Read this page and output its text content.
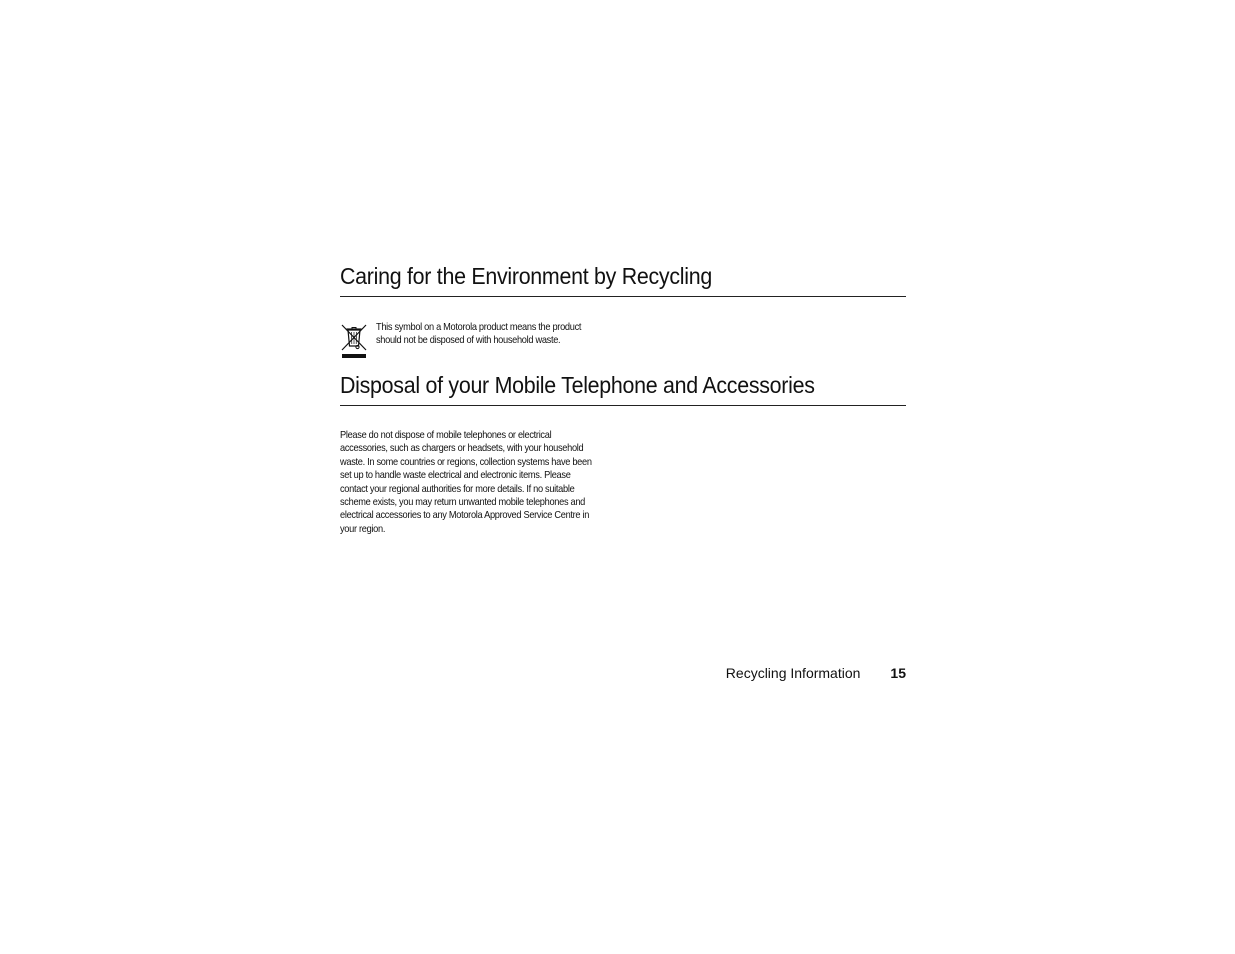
Caring for the Environment by Recycling
This symbol on a Motorola product means the product
should not be disposed of with household waste.
Disposal of your Mobile Telephone and Accessories
Please do not dispose of mobile telephones or electrical
accessories, such as chargers or headsets, with your household
waste. In some countries or regions, collection systems have been
set up to handle waste electrical and electronic items. Please
contact your regional authorities for more details. If no suitable
scheme exists, you may return unwanted mobile telephones and
electrical accessories to any Motorola Approved Service Centre in
your region.
Recycling Information 15
